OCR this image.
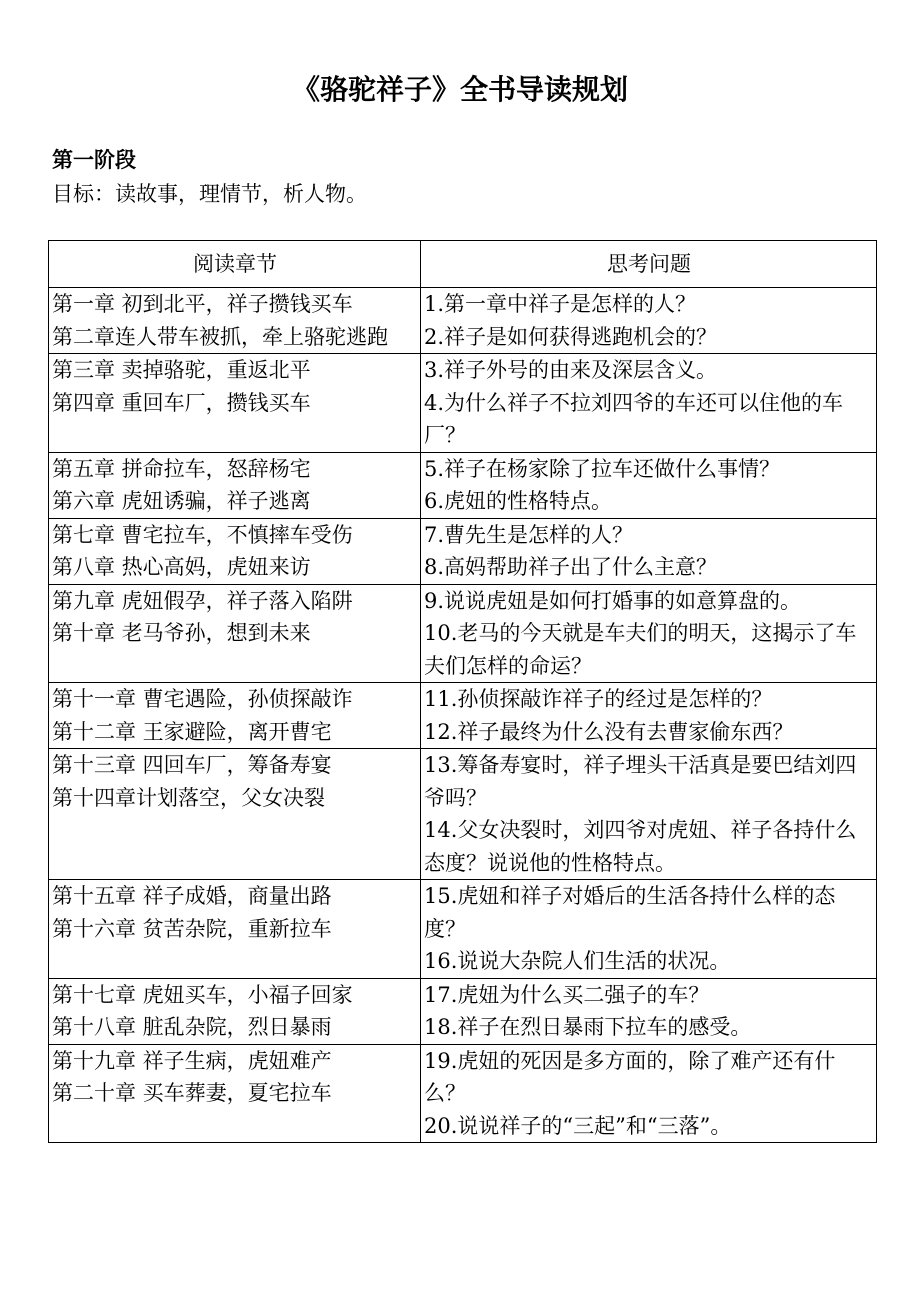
《骆驼祥子》全书导读规划
第一阶段
目标：读故事，理情节，析人物。
阅读章节	思考问题

第一章 初到北平，祥子攒钱买车
第二章连人带车被抓，牵上骆驼逃跑	1.第一章中祥子是怎样的人？
2.祥子是如何获得逃跑机会的？

第三章 卖掉骆驼，重返北平
第四章 重回车厂，攒钱买车	3.祥子外号的由来及深层含义。
4.为什么祥子不拉刘四爷的车还可以住他的车厂？

第五章 拼命拉车，怒辞杨宅
第六章 虎妞诱骗，祥子逃离	5.祥子在杨家除了拉车还做什么事情？
6.虎妞的性格特点。

第七章 曹宅拉车，不慎摔车受伤
第八章 热心高妈，虎妞来访	7.曹先生是怎样的人？
8.高妈帮助祥子出了什么主意？

第九章 虎妞假孕，祥子落入陷阱
第十章 老马爷孙，想到未来	9.说说虎妞是如何打婚事的如意算盘的。
10.老马的今天就是车夫们的明天，这揭示了车夫们怎样的命运？

第十一章 曹宅遇险，孙侦探敲诈
第十二章 王家避险，离开曹宅	11.孙侦探敲诈祥子的经过是怎样的？
12.祥子最终为什么没有去曹家偷东西？

第十三章 四回车厂，筹备寿宴
第十四章计划落空，父女决裂	13.筹备寿宴时，祥子埋头干活真是要巴结刘四爷吗？
14.父女决裂时，刘四爷对虎妞、祥子各持什么态度？说说他的性格特点。

第十五章 祥子成婚，商量出路
第十六章 贫苦杂院，重新拉车	15.虎妞和祥子对婚后的生活各持什么样的态度？
16.说说大杂院人们生活的状况。

第十七章 虎妞买车，小福子回家
第十八章 脏乱杂院，烈日暴雨	17.虎妞为什么买二强子的车？
18.祥子在烈日暴雨下拉车的感受。

第十九章 祥子生病，虎妞难产
第二十章 买车葬妻，夏宅拉车	19.虎妞的死因是多方面的，除了难产还有什么？
20.说说祥子的“三起”和“三落”。
